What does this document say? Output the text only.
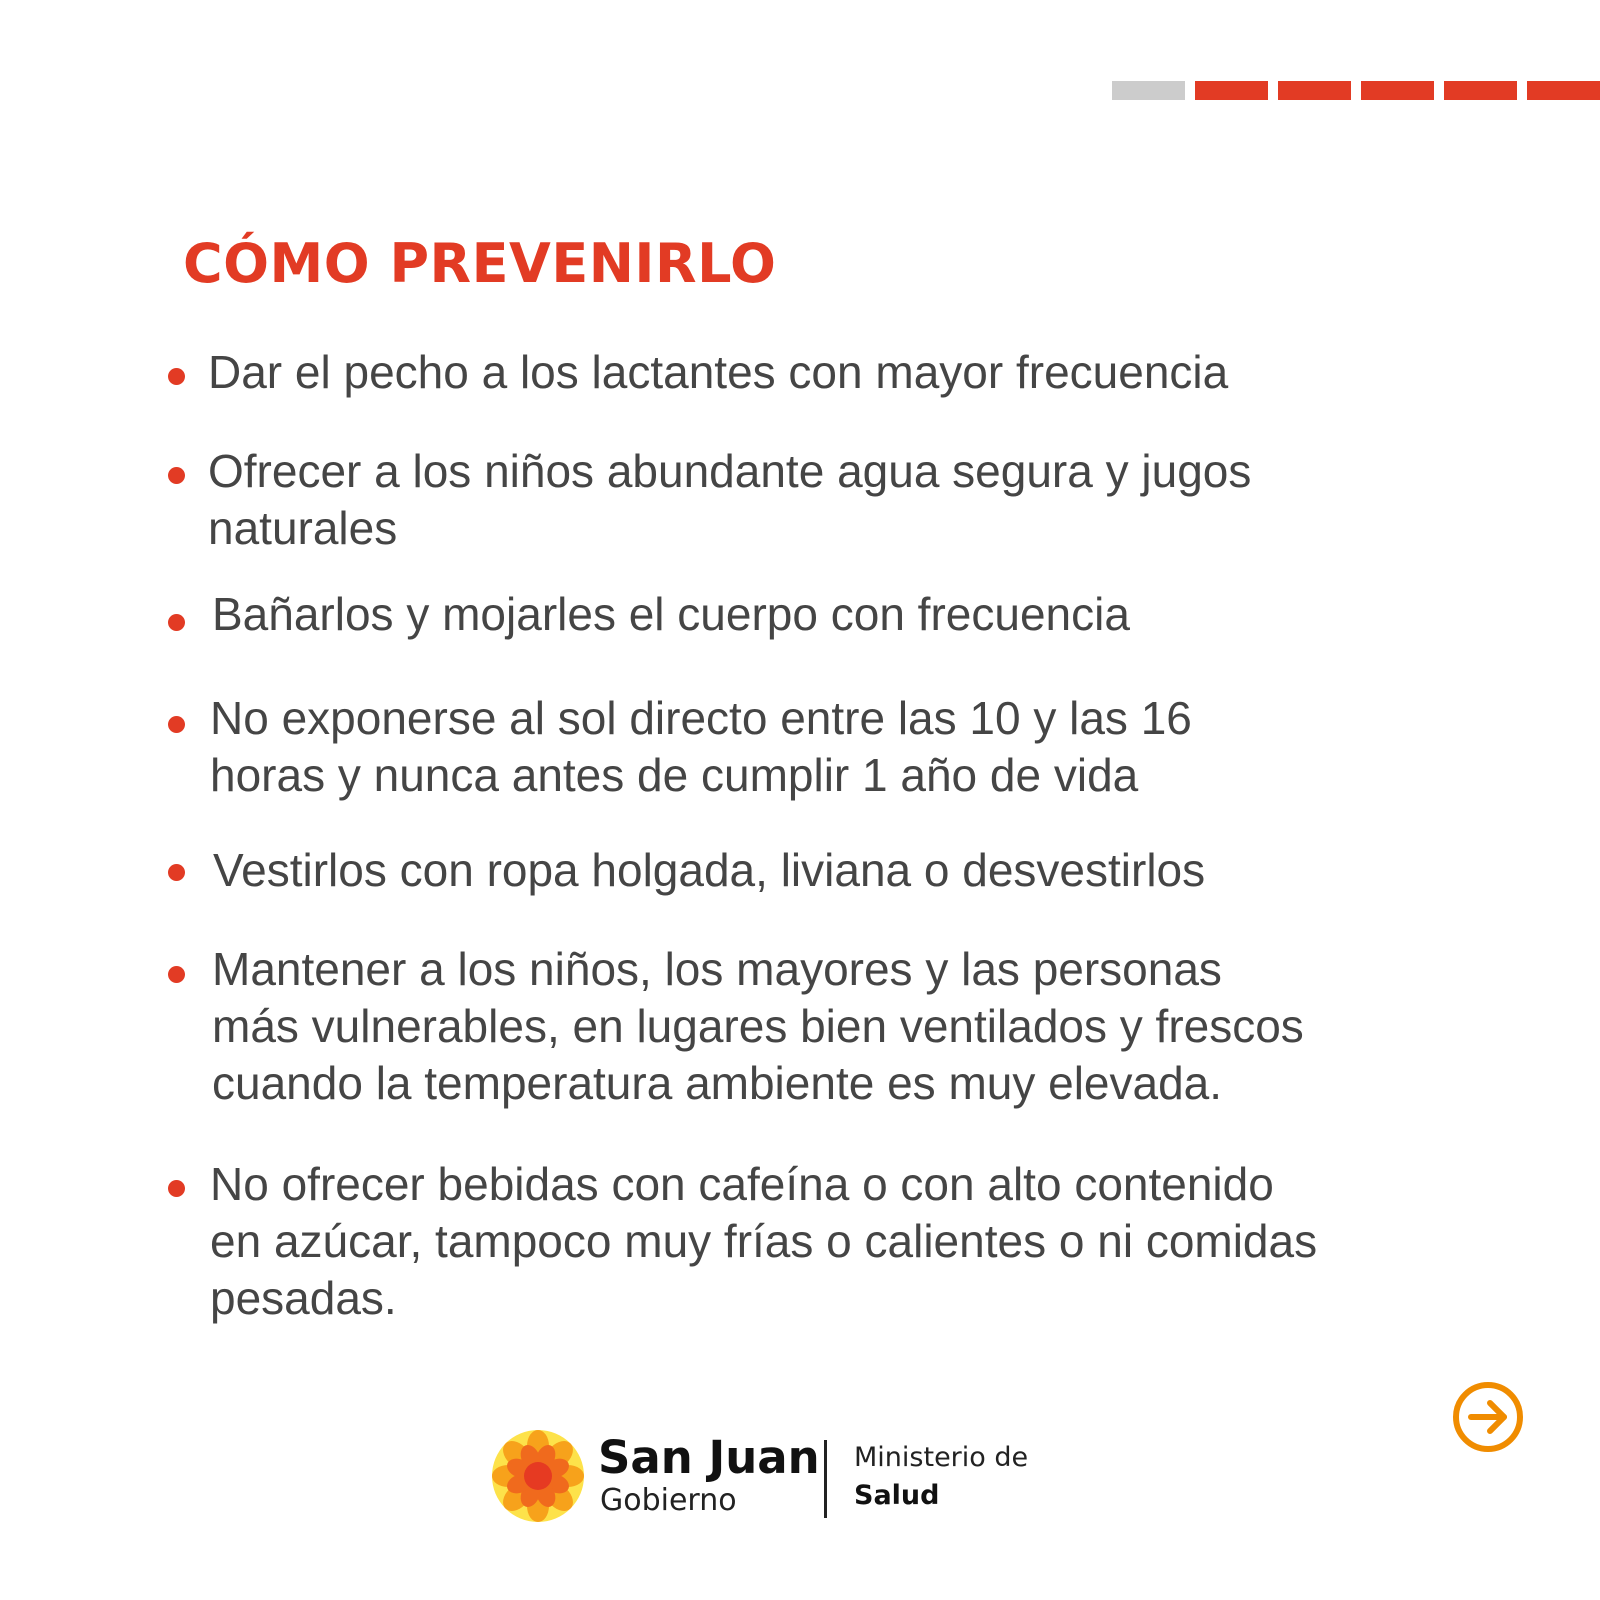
CÓMO PREVENIRLO
Dar el pecho a los lactantes con mayor frecuencia
Ofrecer a los niños abundante agua segura y jugos
naturales
Bañarlos y mojarles el cuerpo con frecuencia
No exponerse al sol directo entre las 10 y las 16
horas y nunca antes de cumplir 1 año de vida
Vestirlos con ropa holgada, liviana o desvestirlos
Mantener a los niños, los mayores y las personas
más vulnerables, en lugares bien ventilados y frescos
cuando la temperatura ambiente es muy elevada.
No ofrecer bebidas con cafeína o con alto contenido
en azúcar, tampoco muy frías o calientes o ni comidas
pesadas.
San Juan
Gobierno
Ministerio de
Salud
